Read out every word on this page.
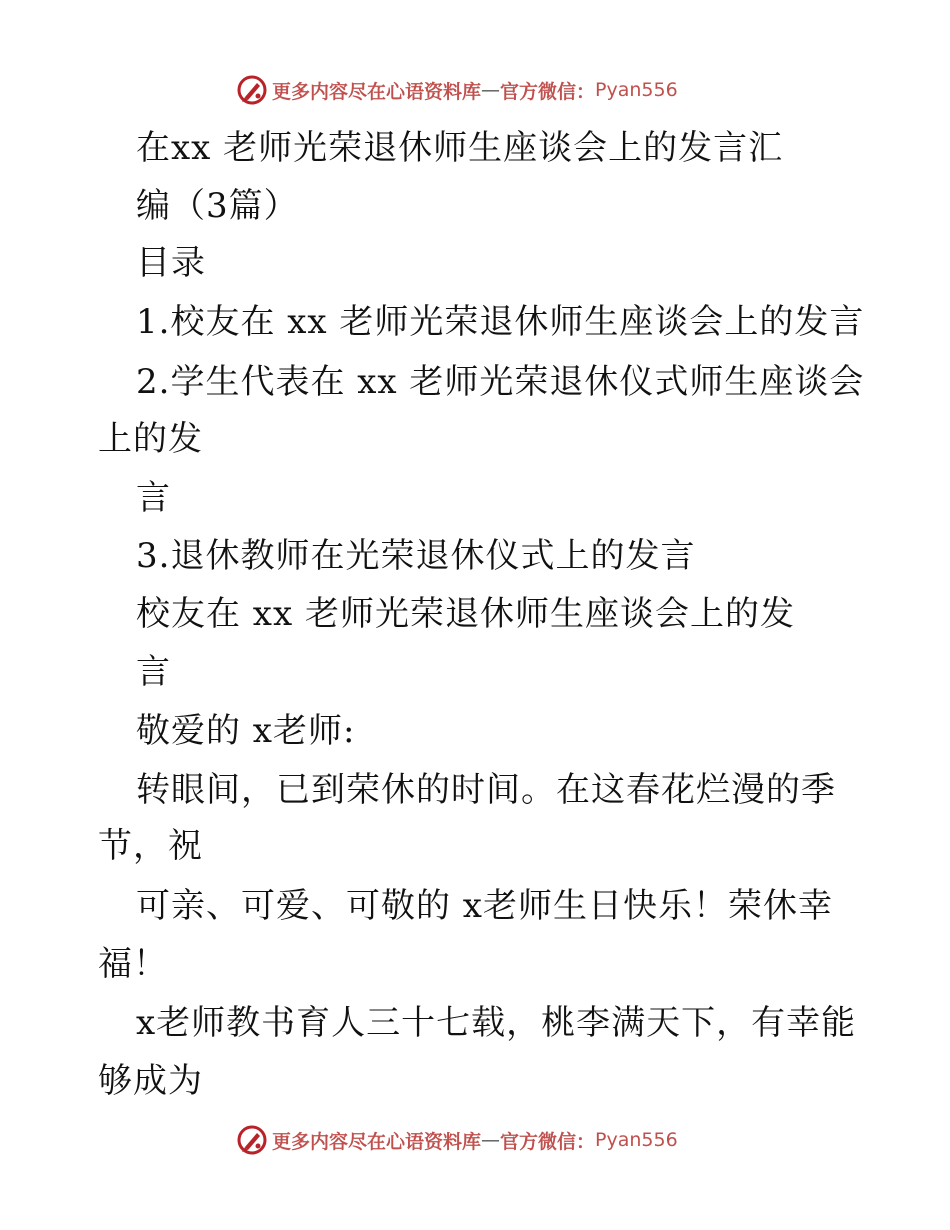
更多内容尽在心语资料库 — 官方微信： Pyan556
在xx 老师光荣退休师生座谈会上的发言汇
编（3篇）
目录
1.校友在 xx 老师光荣退休师生座谈会上的发言
2.学生代表在 xx 老师光荣退休仪式师生座谈会
上的发
言
3.退休教师在光荣退休仪式上的发言
校友在 xx 老师光荣退休师生座谈会上的发
言
敬爱的 x老师:
转眼间，已到荣休的时间。在这春花烂漫的季
节，祝
可亲、可爱、可敬的 x老师生日快乐！荣休幸
福！
x老师教书育人三十七载，桃李满天下，有幸能
够成为
更多内容尽在心语资料库 — 官方微信： Pyan556
